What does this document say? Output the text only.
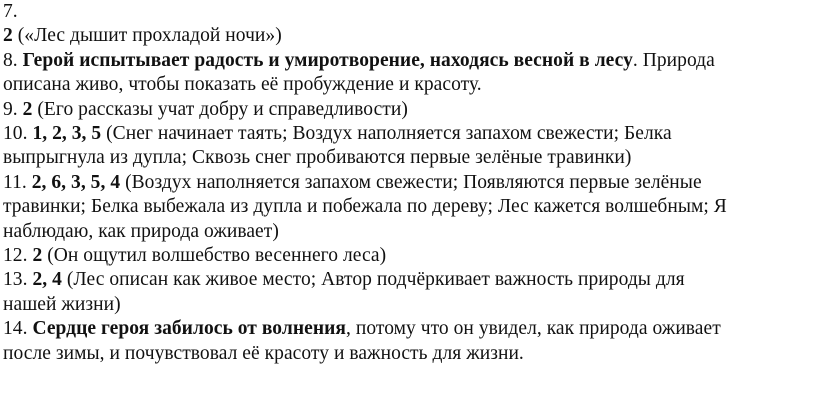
7.
2 («Лес дышит прохладой ночи»)
8. Герой испытывает радость и умиротворение, находясь весной в лесу. Природа
описана живо, чтобы показать её пробуждение и красоту.
9. 2 (Его рассказы учат добру и справедливости)
10. 1, 2, 3, 5 (Снег начинает таять; Воздух наполняется запахом свежести; Белка
выпрыгнула из дупла; Сквозь снег пробиваются первые зелёные травинки)
11. 2, 6, 3, 5, 4 (Воздух наполняется запахом свежести; Появляются первые зелёные
травинки; Белка выбежала из дупла и побежала по дереву; Лес кажется волшебным; Я
наблюдаю, как природа оживает)
12. 2 (Он ощутил волшебство весеннего леса)
13. 2, 4 (Лес описан как живое место; Автор подчёркивает важность природы для
нашей жизни)
14. Сердце героя забилось от волнения, потому что он увидел, как природа оживает
после зимы, и почувствовал её красоту и важность для жизни.
